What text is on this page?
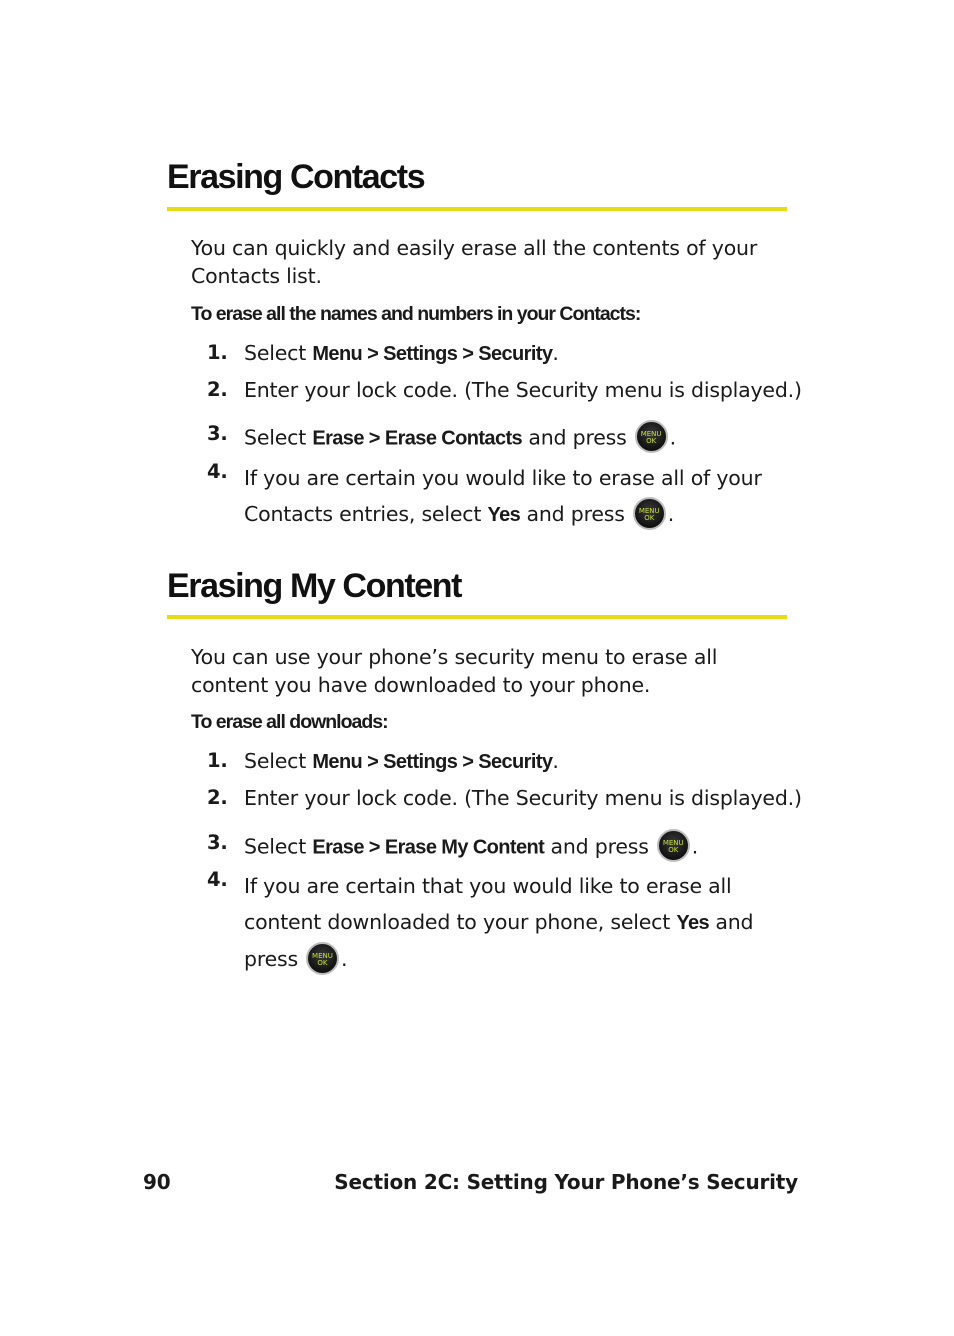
Erasing Contacts

You can quickly and easily erase all the contents of your Contacts list.

To erase all the names and numbers in your Contacts:

1. Select Menu > Settings > Security.
2. Enter your lock code. (The Security menu is displayed.)
3. Select Erase > Erase Contacts and press	MENU
OK .
4. If you are certain you would like to erase all of your Contacts entries, select Yes and press	MENU
OK .
Erasing My Content

You can use your phone’s security menu to erase all content you have downloaded to your phone.

To erase all downloads:

1. Select Menu > Settings > Security.
2. Enter your lock code. (The Security menu is displayed.)
3. Select Erase > Erase My Content and press	MENU
OK .
4. If you are certain that you would like to erase all content downloaded to your phone, select Yes and press	MENU
OK .
90	Section 2C: Setting Your Phone’s Security
